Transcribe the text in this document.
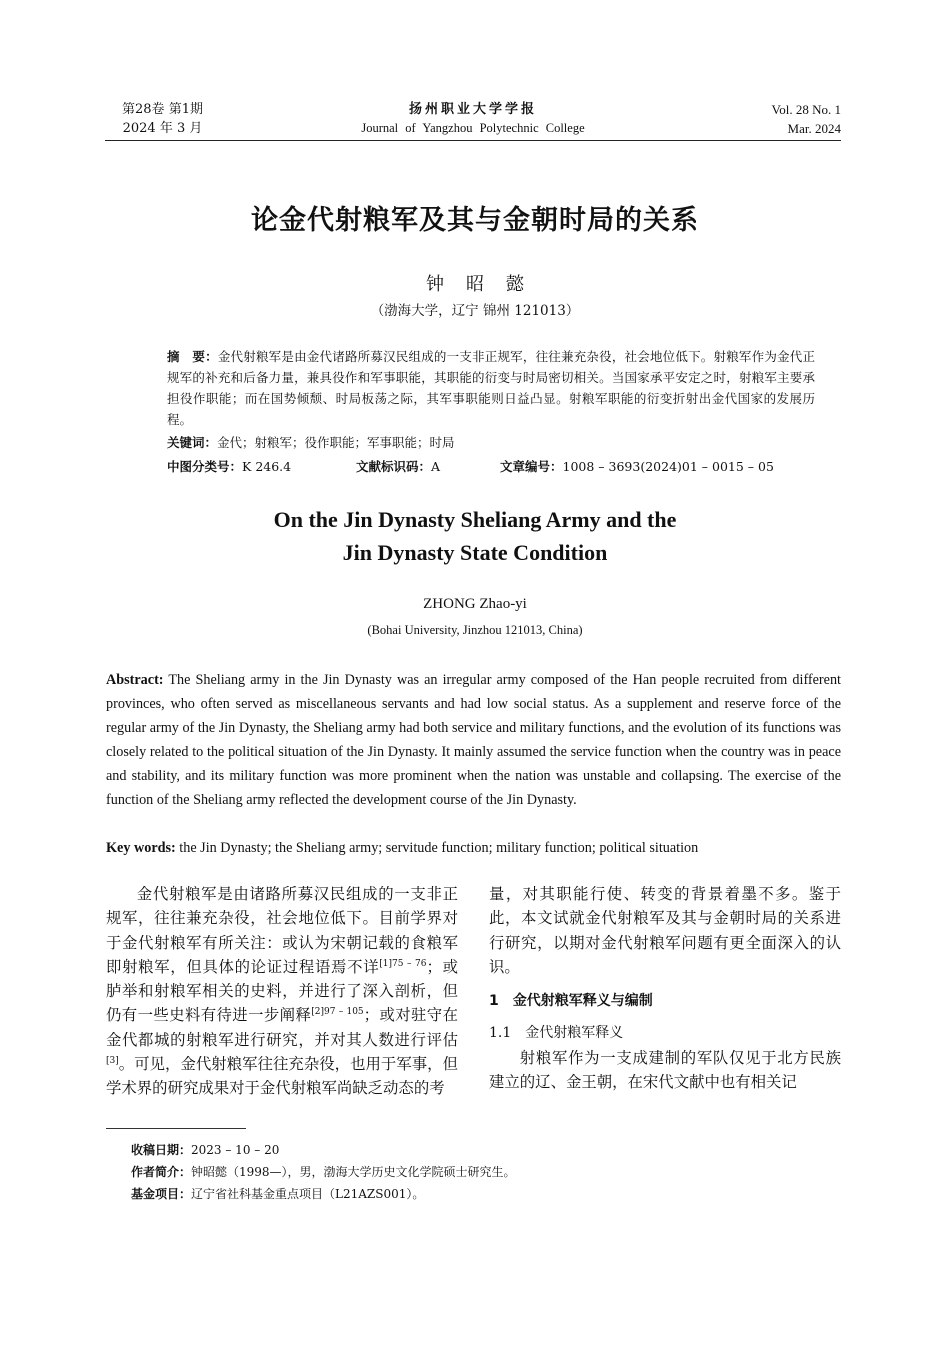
第28卷 第1期
2024 年 3 月
扬州职业大学学报
Journal of Yangzhou Polytechnic College
Vol. 28 No. 1
Mar. 2024
论金代射粮军及其与金朝时局的关系
钟昭懿
（渤海大学，辽宁 锦州 121013）
摘　要：金代射粮军是由金代诸路所募汉民组成的一支非正规军，往往兼充杂役，社会地位低下。射粮军作为金代正规军的补充和后备力量，兼具役作和军事职能，其职能的衍变与时局密切相关。当国家承平安定之时，射粮军主要承担役作职能；而在国势倾颓、时局板荡之际，其军事职能则日益凸显。射粮军职能的衍变折射出金代国家的发展历程。
关键词：金代；射粮军；役作职能；军事职能；时局
中图分类号：K 246.4	文献标识码：A	文章编号：1008 – 3693(2024)01 – 0015 – 05
On the Jin Dynasty Sheliang Army and the
Jin Dynasty State Condition
ZHONG Zhao-yi
(Bohai University, Jinzhou 121013, China)
Abstract: The Sheliang army in the Jin Dynasty was an irregular army composed of the Han people recruited from different provinces, who often served as miscellaneous servants and had low social status. As a supplement and reserve force of the regular army of the Jin Dynasty, the Sheliang army had both service and military functions, and the evolution of its functions was closely related to the political situation of the Jin Dynasty. It mainly assumed the service function when the country was in peace and stability, and its military function was more prominent when the nation was unstable and collapsing. The exercise of the function of the Sheliang army reflected the development course of the Jin Dynasty.
Key words: the Jin Dynasty; the Sheliang army; servitude function; military function; political situation

金代射粮军是由诸路所募汉民组成的一支非正规军，往往兼充杂役，社会地位低下。目前学界对于金代射粮军有所关注：或认为宋朝记载的食粮军即射粮军，但具体的论证过程语焉不详$^{[1]75 - 76}$；或胪举和射粮军相关的史料，并进行了深入剖析，但仍有一些史料有待进一步阐释$^{[2]97 - 105}$；或对驻守在金代都城的射粮军进行研究，并对其人数进行评估[3]。可见，金代射粮军往往充杂役，也用于军事，但学术界的研究成果对于金代射粮军尚缺乏动态的考

量，对其职能行使、转变的背景着墨不多。鉴于此，本文试就金代射粮军及其与金朝时局的关系进行研究，以期对金代射粮军问题有更全面深入的认识。

1　金代射粮军释义与编制

1.1　金代射粮军释义

射粮军作为一支成建制的军队仅见于北方民族建立的辽、金王朝，在宋代文献中也有相关记

收稿日期：2023 – 10 – 20
作者简介：钟昭懿（1998—），男，渤海大学历史文化学院硕士研究生。
基金项目：辽宁省社科基金重点项目（L21AZS001）。
